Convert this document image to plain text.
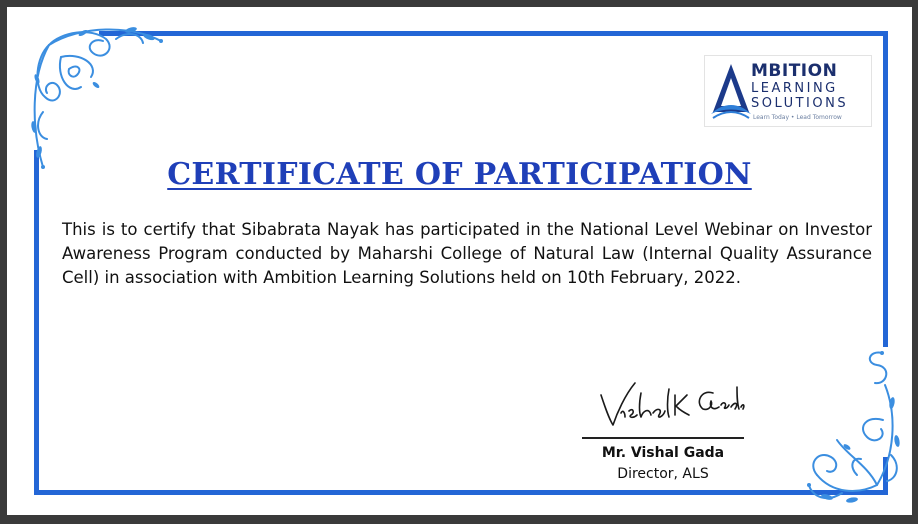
MBITION
LEARNING
SOLUTIONS
Learn Today • Lead Tomorrow
CERTIFICATE OF PARTICIPATION
This is to certify that Sibabrata Nayak has participated in the National Level Webinar on Investor Awareness Program conducted by Maharshi College of Natural Law (Internal Quality Assurance Cell) in association with Ambition Learning Solutions held on 10th February, 2022.
Mr. Vishal Gada
Director, ALS
